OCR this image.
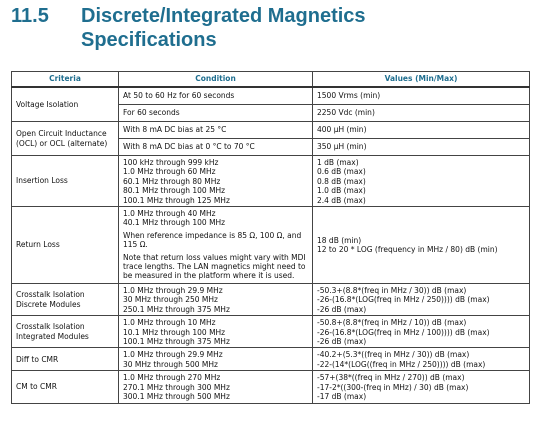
11.5 Discrete/Integrated Magnetics
Specifications
Criteria	Condition	Values (Min/Max)

Voltage Isolation	At 50 to 60 Hz for 60 seconds	1500 Vrms (min)

	For 60 seconds	2250 Vdc (min)

Open Circuit Inductance
(OCL) or OCL (alternate)	With 8 mA DC bias at 25 °C	400 μH (min)

	With 8 mA DC bias at 0 °C to 70 °C	350 μH (min)

Insertion Loss	100 kHz through 999 kHz
1.0 MHz through 60 MHz
60.1 MHz through 80 MHz
80.1 MHz through 100 MHz
100.1 MHz through 125 MHz	1 dB (max)
0.6 dB (max)
0.8 dB (max)
1.0 dB (max)
2.4 dB (max)

Return Loss	1.0 MHz through 40 MHz
40.1 MHz through 100 MHz
When reference impedance is 85 Ω, 100 Ω, and 115 Ω.
Note that return loss values might vary with MDI trace lengths. The LAN magnetics might need to be measured in the platform where it is used.	18 dB (min)
12 to 20 * LOG (frequency in MHz / 80) dB (min)

Crosstalk Isolation
Discrete Modules	1.0 MHz through 29.9 MHz
30 MHz through 250 MHz
250.1 MHz through 375 MHz	-50.3+(8.8*(freq in MHz / 30)) dB (max)
-26-(16.8*(LOG(freq in MHz / 250)))) dB (max)
-26 dB (max)

Crosstalk Isolation
Integrated Modules	1.0 MHz through 10 MHz
10.1 MHz through 100 MHz
100.1 MHz through 375 MHz	-50.8+(8.8*(freq in MHz / 10)) dB (max)
-26-(16.8*(LOG(freq in MHz / 100)))) dB (max)
-26 dB (max)

Diff to CMR	1.0 MHz through 29.9 MHz
30 MHz through 500 MHz	-40.2+(5.3*((freq in MHz / 30)) dB (max)
-22-(14*(LOG((freq in MHz / 250)))) dB (max)

CM to CMR	1.0 MHz through 270 MHz
270.1 MHz through 300 MHz
300.1 MHz through 500 MHz	-57+(38*((freq in MHz / 270)) dB (max)
-17-2*((300-(freq in MHz) / 30) dB (max)
-17 dB (max)
